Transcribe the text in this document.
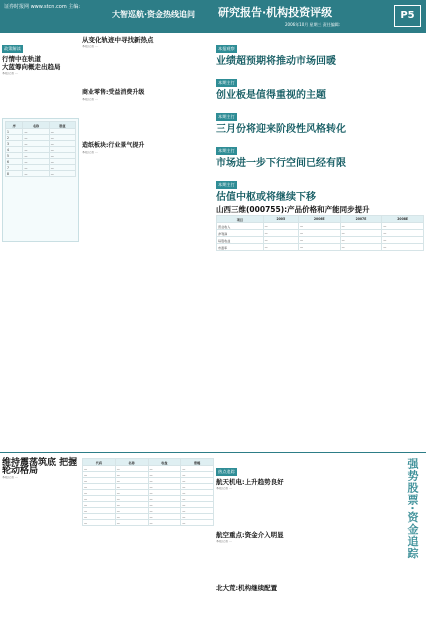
证券时报网 www.stcn.com 主编:
大智巡航·资金热线追问 研究报告·机构投资评级
2006年10月 星期三 责任编辑:
P5
政策解读
行情中在轨道
大蓝筹向概走出趋局
本报记者 ...
序	名称	数值
1	—	—
2	—	—
3	—	—
4	—	—
5	—	—
6	—	—
7	—	—
8	—	—
从变化轨迹中寻找新热点
本报记者 ...
商业零售:受益消费升级
本报记者 ...
造纸板块:行业景气提升
本报记者 ...
本报观察
业绩超预期将推动市场回暖
本期主打
创业板是值得重视的主题
本期主打
三月份将迎来阶段性风格转化
本期主打
市场进一步下行空间已经有限
本期主打
估值中枢或将继续下移
山西三维(000755):产品价格和产能同步提升
项目	2005	2006E	2007E	2008E
营业收入	—	—	—	—
净利润	—	—	—	—
每股收益	—	—	—	—
市盈率	—	—	—	—
维持震荡筑底 把握轮动格局
本报记者 ...
代码	名称	收盘	涨幅
—	—	—	—
—	—	—	—
—	—	—	—
—	—	—	—
—	—	—	—
—	—	—	—
—	—	—	—
—	—	—	—
—	—	—	—
—	—	—	—
热点追踪
航天机电:上升趋势良好
本报记者 ...
航空重点:资金介入明显
本报记者 ...
北大荒:机构继续配置
强势股票·资金追踪
